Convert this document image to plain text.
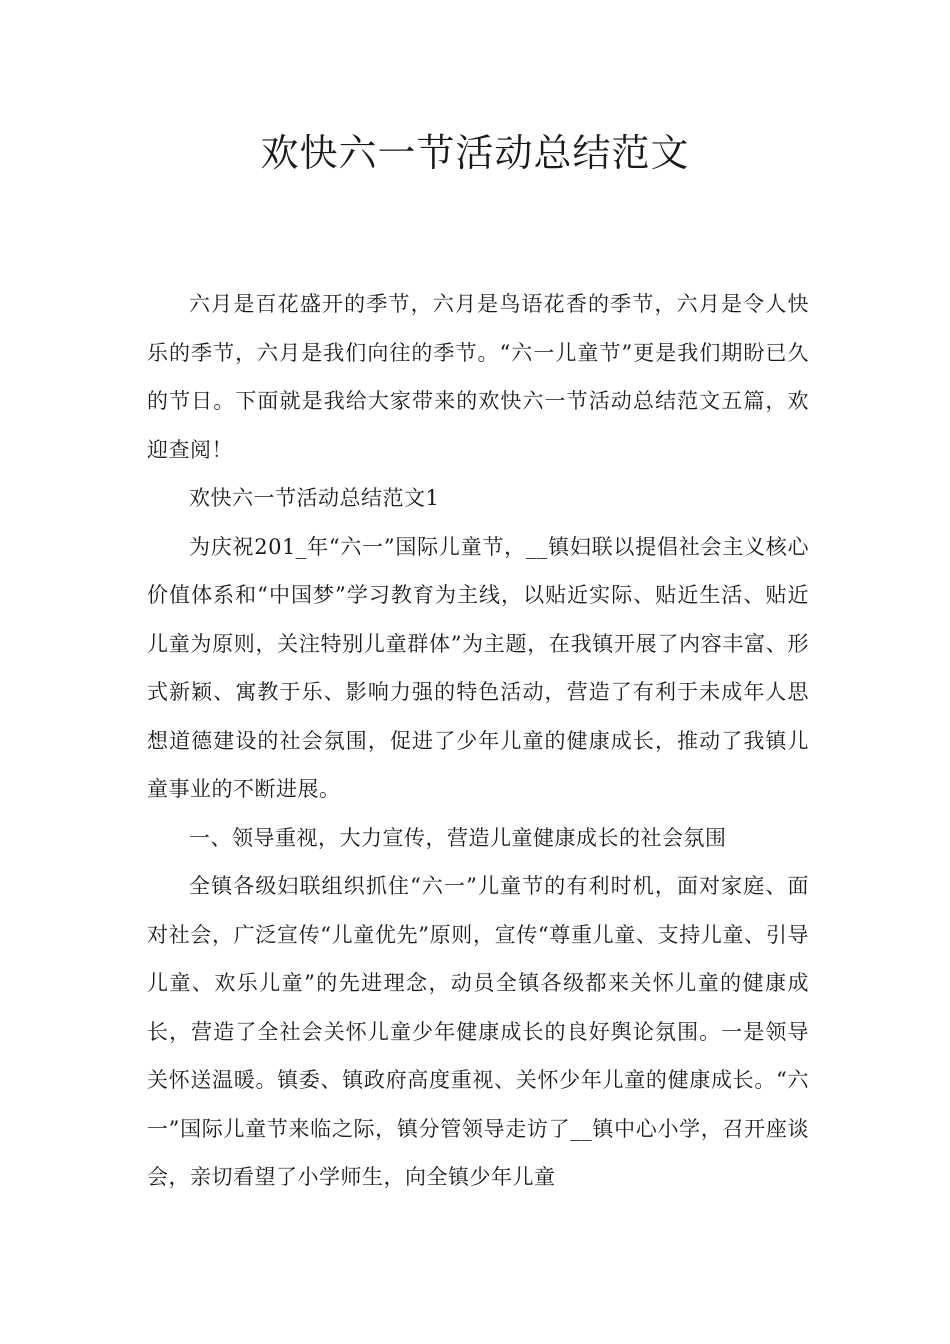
欢快六一节活动总结范文

六月是百花盛开的季节，六月是鸟语花香的季节，六月是令人快乐的季节，六月是我们向往的季节。“六一儿童节”更是我们期盼已久的节日。下面就是我给大家带来的欢快六一节活动总结范文五篇，欢迎查阅！

欢快六一节活动总结范文1

为庆祝201_年“六一”国际儿童节，__镇妇联以提倡社会主义核心价值体系和“中国梦”学习教育为主线，以贴近实际、贴近生活、贴近儿童为原则，关注特别儿童群体”为主题，在我镇开展了内容丰富、形式新颖、寓教于乐、影响力强的特色活动，营造了有利于未成年人思想道德建设的社会氛围，促进了少年儿童的健康成长，推动了我镇儿童事业的不断进展。

一、领导重视，大力宣传，营造儿童健康成长的社会氛围

全镇各级妇联组织抓住“六一”儿童节的有利时机，面对家庭、面对社会，广泛宣传“儿童优先”原则，宣传“尊重儿童、支持儿童、引导儿童、欢乐儿童”的先进理念，动员全镇各级都来关怀儿童的健康成长，营造了全社会关怀儿童少年健康成长的良好舆论氛围。一是领导关怀送温暖。镇委、镇政府高度重视、关怀少年儿童的健康成长。“六一”国际儿童节来临之际，镇分管领导走访了__镇中心小学，召开座谈会，亲切看望了小学师生，向全镇少年儿童
